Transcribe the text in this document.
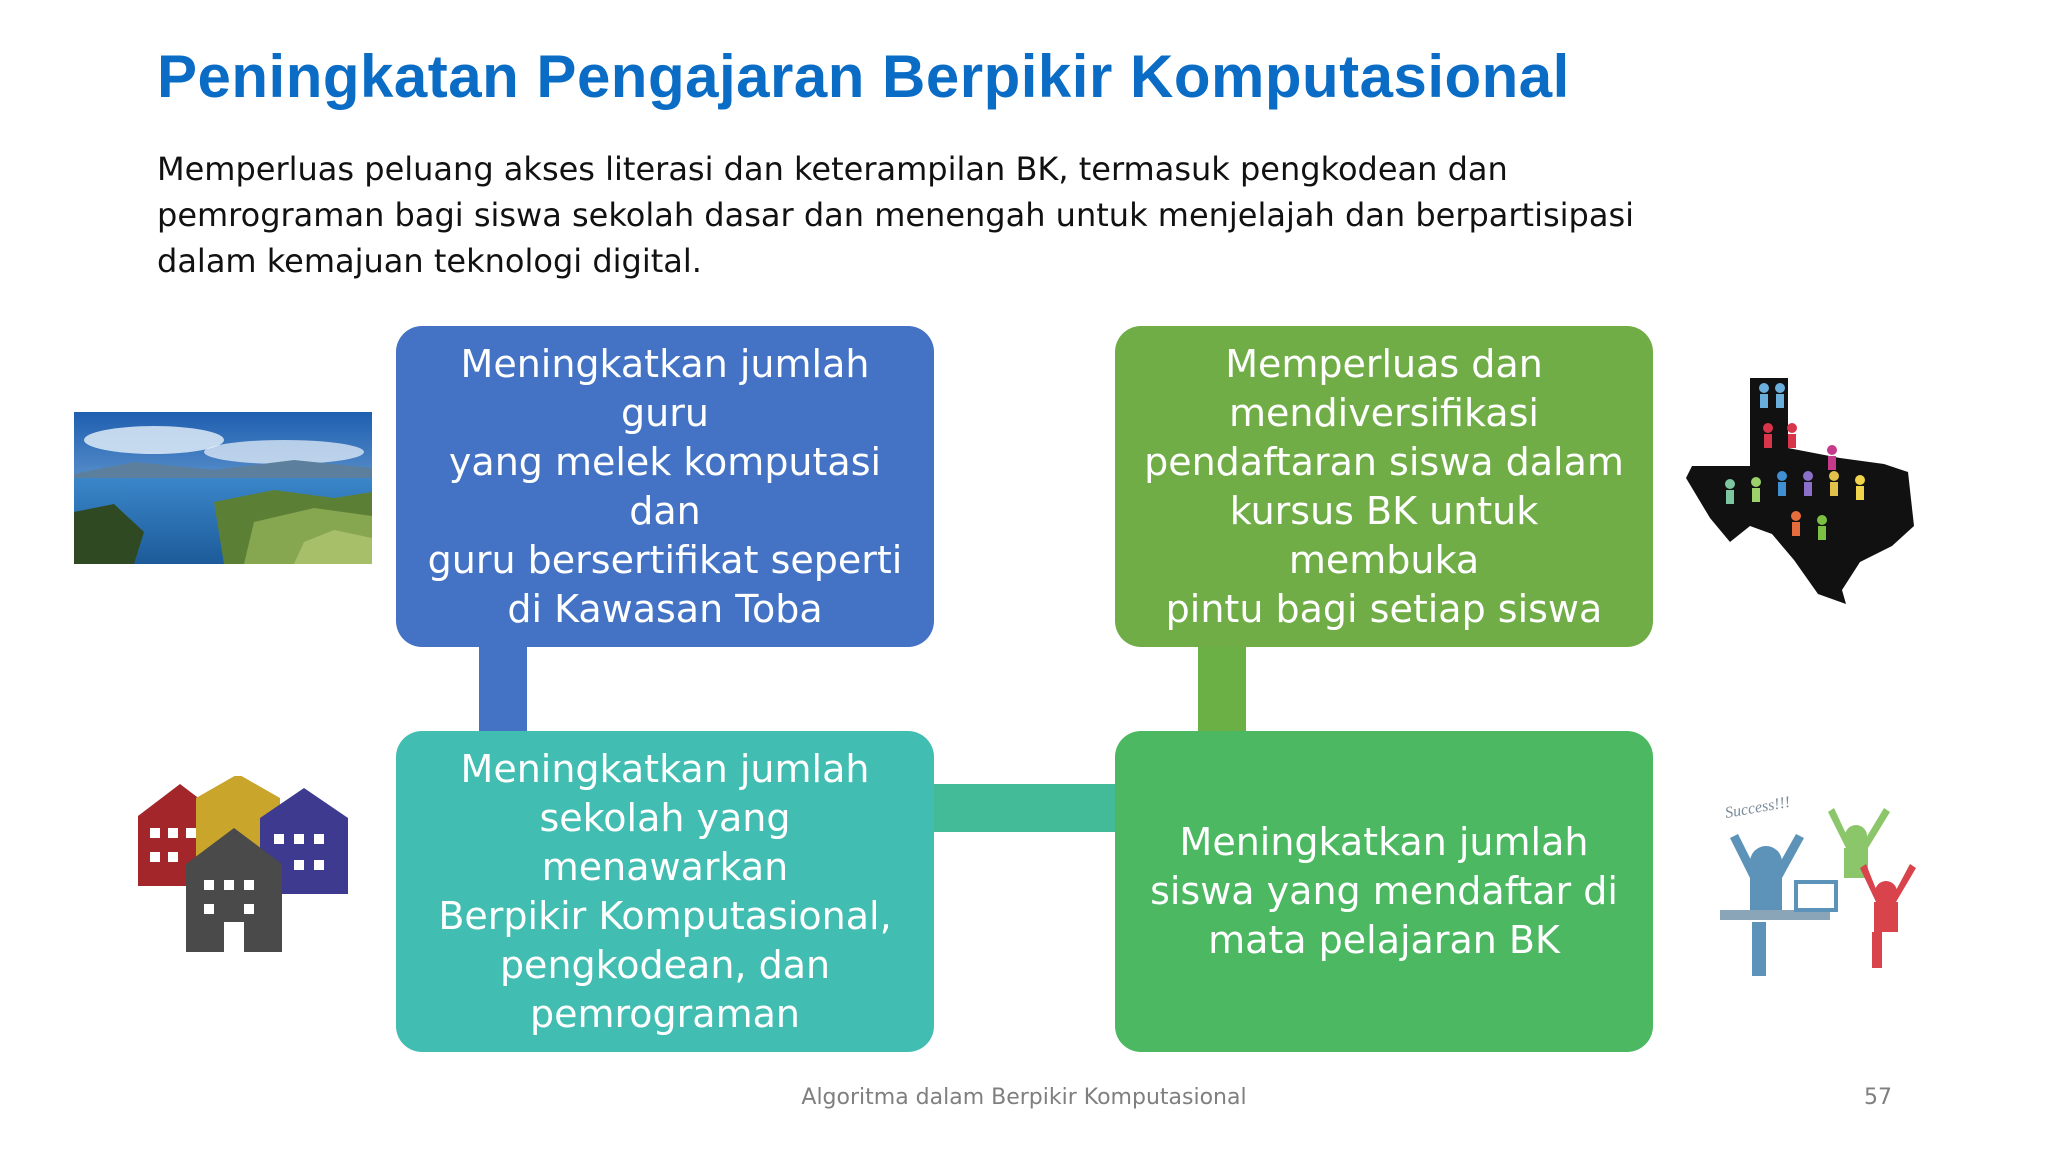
Peningkatan Pengajaran Berpikir Komputasional
Memperluas peluang akses literasi dan keterampilan BK, termasuk pengkodean dan pemrograman bagi siswa sekolah dasar dan menengah untuk menjelajah dan berpartisipasi dalam kemajuan teknologi digital.
Meningkatkan jumlah guru
yang melek komputasi dan
guru bersertifikat seperti
di Kawasan Toba
Memperluas dan
mendiversifikasi
pendaftaran siswa dalam
kursus BK untuk membuka
pintu bagi setiap siswa
Meningkatkan jumlah
sekolah yang menawarkan
Berpikir Komputasional,
pengkodean, dan
pemrograman
Meningkatkan jumlah
siswa yang mendaftar di
mata pelajaran BK
Success!!!
Algoritma dalam Berpikir Komputasional	57
